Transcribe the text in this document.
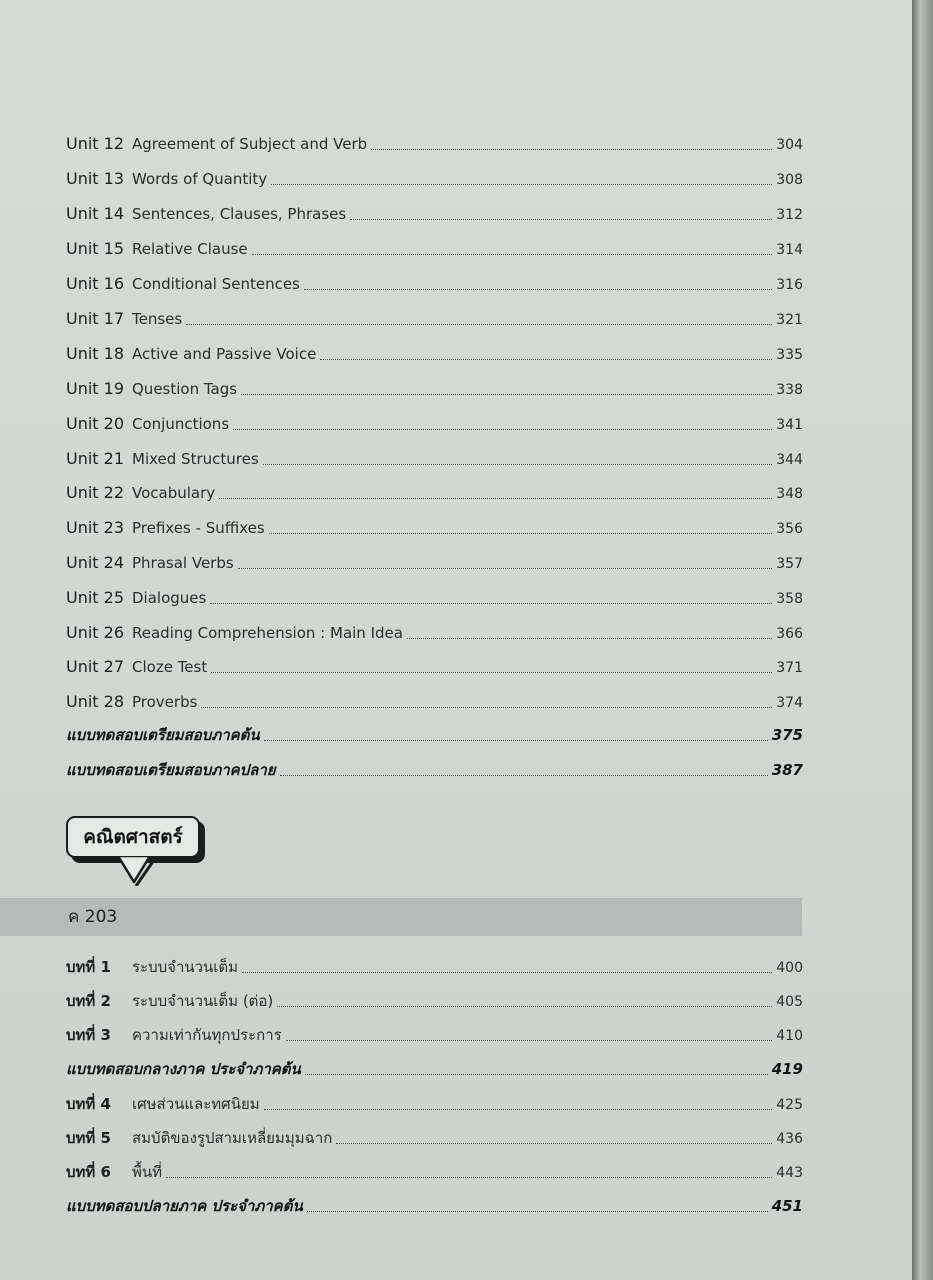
Unit 12 Agreement of Subject and Verb	304
Unit 13 Words of Quantity	308
Unit 14 Sentences, Clauses, Phrases	312
Unit 15 Relative Clause	314
Unit 16 Conditional Sentences	316
Unit 17 Tenses	321
Unit 18 Active and Passive Voice	335
Unit 19 Question Tags	338
Unit 20 Conjunctions	341
Unit 21 Mixed Structures	344
Unit 22 Vocabulary	348
Unit 23 Prefixes - Suffixes	356
Unit 24 Phrasal Verbs	357
Unit 25 Dialogues	358
Unit 26 Reading Comprehension : Main Idea	366
Unit 27 Cloze Test	371
Unit 28 Proverbs	374
แบบทดสอบเตรียมสอบภาคต้น	375
แบบทดสอบเตรียมสอบภาคปลาย	387
คณิตศาสตร์
ค 203
บทที่ 1	ระบบจำนวนเต็ม	400
บทที่ 2	ระบบจำนวนเต็ม (ต่อ)	405
บทที่ 3	ความเท่ากันทุกประการ	410
แบบทดสอบกลางภาค ประจำภาคต้น	419
บทที่ 4	เศษส่วนและทศนิยม	425
บทที่ 5	สมบัติของรูปสามเหลี่ยมมุมฉาก	436
บทที่ 6	พื้นที่	443
แบบทดสอบปลายภาค ประจำภาคต้น	451
